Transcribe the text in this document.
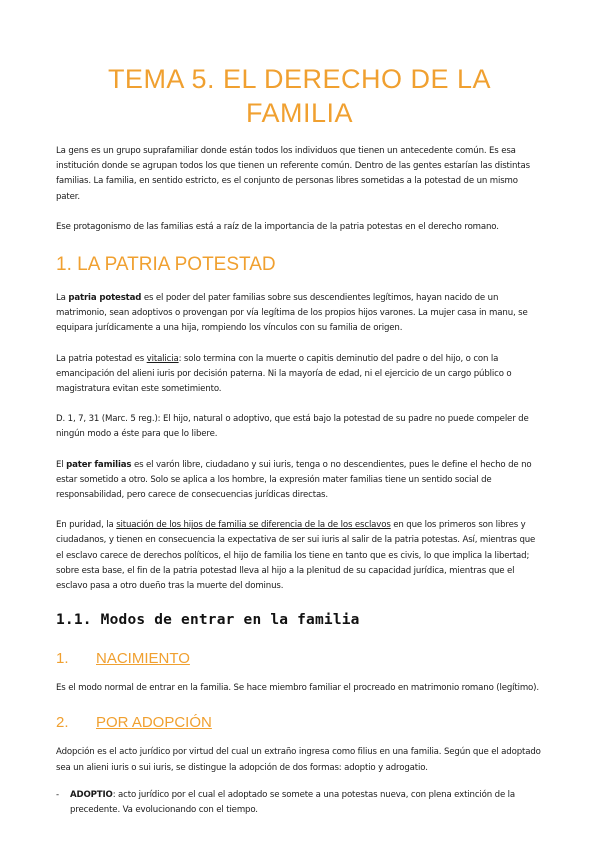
TEMA 5. EL DERECHO DE LA FAMILIA

La gens es un grupo suprafamiliar donde están todos los individuos que tienen un antecedente común. Es esa institución donde se agrupan todos los que tienen un referente común. Dentro de las gentes estarían las distintas familias. La familia, en sentido estricto, es el conjunto de personas libres sometidas a la potestad de un mismo pater.

Ese protagonismo de las familias está a raíz de la importancia de la patria potestas en el derecho romano.

1. LA PATRIA POTESTAD

La patria potestad es el poder del pater familias sobre sus descendientes legítimos, hayan nacido de un matrimonio, sean adoptivos o provengan por vía legítima de los propios hijos varones. La mujer casa in manu, se equipara jurídicamente a una hija, rompiendo los vínculos con su familia de origen.

La patria potestad es vitalicia: solo termina con la muerte o capitis deminutio del padre o del hijo, o con la emancipación del alieni iuris por decisión paterna. Ni la mayoría de edad, ni el ejercicio de un cargo público o magistratura evitan este sometimiento.

D. 1, 7, 31 (Marc. 5 reg.): El hijo, natural o adoptivo, que está bajo la potestad de su padre no puede compeler de ningún modo a éste para que lo libere.

El pater familias es el varón libre, ciudadano y sui iuris, tenga o no descendientes, pues le define el hecho de no estar sometido a otro. Solo se aplica a los hombre, la expresión mater familias tiene un sentido social de responsabilidad, pero carece de consecuencias jurídicas directas.

En puridad, la situación de los hijos de familia se diferencia de la de los esclavos en que los primeros son libres y ciudadanos, y tienen en consecuencia la expectativa de ser sui iuris al salir de la patria potestas. Así, mientras que el esclavo carece de derechos políticos, el hijo de familia los tiene en tanto que es civis, lo que implica la libertad; sobre esta base, el fin de la patria potestad lleva al hijo a la plenitud de su capacidad jurídica, mientras que el esclavo pasa a otro dueño tras la muerte del dominus.

1.1. Modos de entrar en la familia
1.	NACIMIENTO

Es el modo normal de entrar en la familia. Se hace miembro familiar el procreado en matrimonio romano (legítimo).

2.	POR ADOPCIÓN

Adopción es el acto jurídico por virtud del cual un extraño ingresa como filius en una familia. Según que el adoptado sea un alieni iuris o sui iuris, se distingue la adopción de dos formas: adoptio y adrogatio.

-	ADOPTIO: acto jurídico por el cual el adoptado se somete a una potestas nueva, con plena extinción de la precedente. Va evolucionando con el tiempo.
